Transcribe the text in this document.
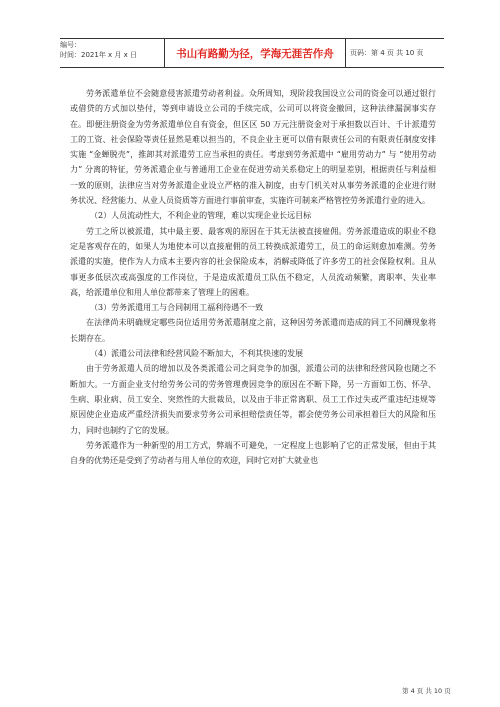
编号：
时间：2021年 x 月 x 日	书山有路勤为径，学海无涯苦作舟	页码：第 4 页 共 10 页

劳务派遣单位不会随意侵害派遣劳动者利益。众所周知，现阶段我国设立公司的资金可以通过银行或借贷的方式加以垫付，等到申请设立公司的手续完成，公司可以将资金撤回，这种法律漏洞事实存在。即便注册资金为劳务派遣单位自有资金，但区区 50 万元注册资金对于承担数以百计、千计派遣劳工的工资、社会保险等责任显然是难以担当的，不良企业主更可以借有限责任公司的有限责任制度安排实施 “金蝉脱壳”，推卸其对派遣劳工应当承担的责任。考虑到劳务派遣中 “雇用劳动力” 与 “使用劳动力” 分离的特征，劳务派遣企业与普通用工企业在促进劳动关系稳定上的明显差别，根据责任与利益相一致的原则，法律应当对劳务派遣企业设立严格的准入制度，由专门机关对从事劳务派遣的企业进行财务状况、经营能力、从业人员资质等方面进行事前审查，实施许可制来严格管控劳务派遣行业的进入。

（2）人员流动性大，不利企业的管理，难以实现企业长远目标

劳工之所以被派遣，其中最主要、最客观的原因在于其无法被直接雇佣。劳务派遣造成的职业不稳定是客观存在的，如果人为地使本可以直接雇佣的员工转换成派遣劳工，员工的命运则愈加难测。劳务派遣的实施，使作为人力成本主要内容的社会保险成本，消解或降低了许多劳工的社会保险权利。且从事更多低层次或高强度的工作岗位，于是造成派遣员工队伍不稳定，人员流动频繁，离职率、失业率高，给派遣单位和用人单位都带来了管理上的困难。

（3）劳务派遣用工与合同制用工福利待遇不一致

在法律尚未明确规定哪些岗位适用劳务派遣制度之前，这种因劳务派遣而造成的同工不同酬现象将长期存在。

（4）派遣公司法律和经营风险不断加大，不利其快速的发展

由于劳务派遣人员的增加以及各类派遣公司之间竞争的加强，派遣公司的法律和经营风险也随之不断加大。一方面企业支付给劳务公司的劳务管理费因竞争的原因在不断下降，另一方面如工伤、怀孕、生病、职业病、员工安全、突然性的大批裁员，以及由于非正常离职、员工工作过失或严重违纪违规等原因使企业造成严重经济损失而要求劳务公司承担赔偿责任等，都会使劳务公司承担着巨大的风险和压力，同时也制约了它的发展。

劳务派遣作为一种新型的用工方式，弊端不可避免，一定程度上也影响了它的正常发展，但由于其自身的优势还是受到了劳动者与用人单位的欢迎，同时它对扩大就业也

第 4 页 共 10 页
